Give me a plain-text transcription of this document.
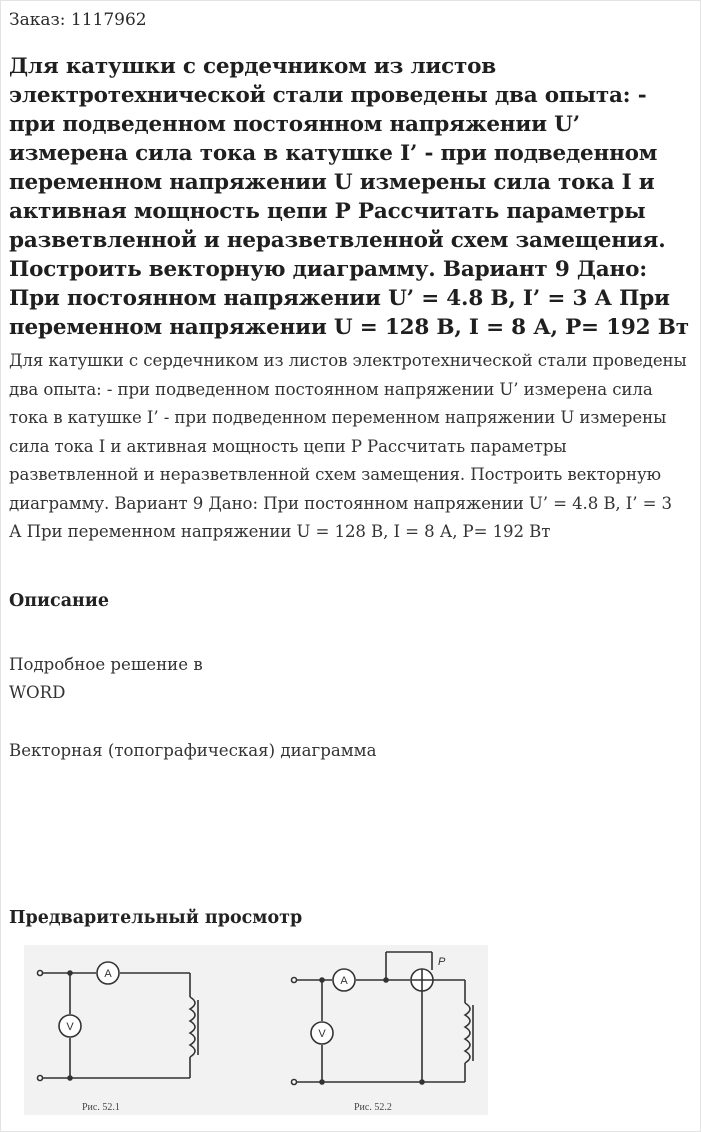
Заказ: 1117962
Для катушки с сердечником из листов электротехнической стали проведены два опыта: - при подведенном постоянном напряжении U’ измерена сила тока в катушке I’ - при подведенном переменном напряжении U измерены сила тока I и активная мощность цепи P Рассчитать параметры разветвленной и неразветвленной схем замещения. Построить векторную диаграмму. Вариант 9 Дано: При постоянном напряжении U’ = 4.8 В, I’ = 3 А При переменном напряжении U = 128 В, I = 8 А, P= 192 Вт

Для катушки с сердечником из листов электротехнической стали проведены два опыта: - при подведенном постоянном напряжении U’ измерена сила тока в катушке I’ - при подведенном переменном напряжении U измерены сила тока I и активная мощность цепи P Рассчитать параметры разветвленной и неразветвленной схем замещения. Построить векторную диаграмму. Вариант 9 Дано: При постоянном напряжении U’ = 4.8 В, I’ = 3 А При переменном напряжении U = 128 В, I = 8 А, P= 192 Вт

Описание

Подробное решение в

WORD

Векторная (топографическая) диаграмма

Предварительный просмотр
A
V
A
V
P
Рис. 52.1	Рис. 52.2
